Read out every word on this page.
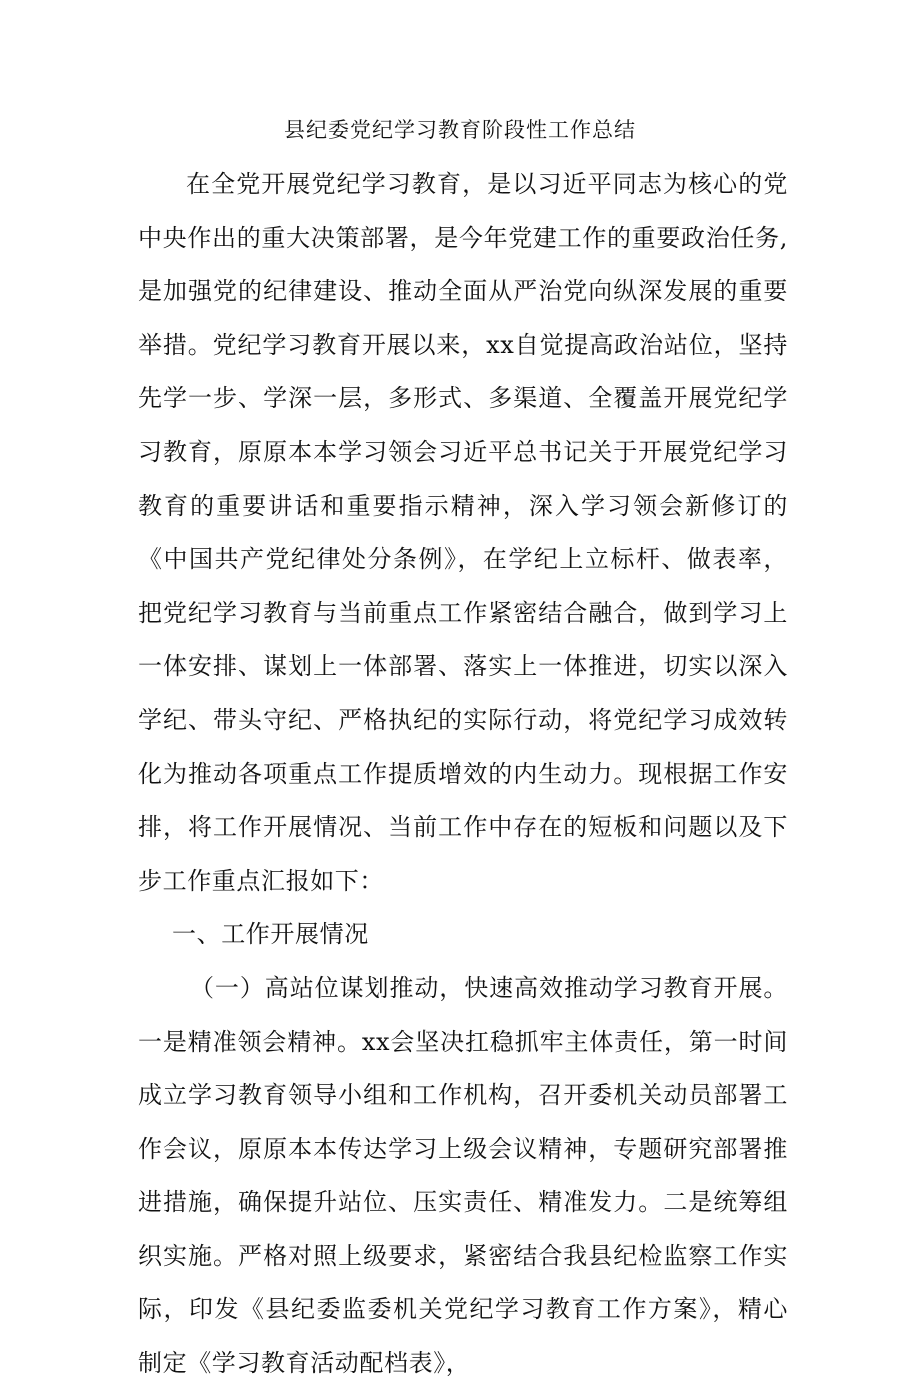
县纪委党纪学习教育阶段性工作总结

在全党开展党纪学习教育，是以习近平同志为核心的党中央作出的重大决策部署，是今年党建工作的重要政治任务,是加强党的纪律建设、推动全面从严治党向纵深发展的重要举措。党纪学习教育开展以来，xx自觉提高政治站位，坚持先学一步、学深一层，多形式、多渠道、全覆盖开展党纪学习教育，原原本本学习领会习近平总书记关于开展党纪学习教育的重要讲话和重要指示精神，深入学习领会新修订的《中国共产党纪律处分条例》，在学纪上立标杆、做表率，把党纪学习教育与当前重点工作紧密结合融合，做到学习上一体安排、谋划上一体部署、落实上一体推进，切实以深入学纪、带头守纪、严格执纪的实际行动，将党纪学习成效转化为推动各项重点工作提质增效的内生动力。现根据工作安排，将工作开展情况、当前工作中存在的短板和问题以及下步工作重点汇报如下：

一、工作开展情况

（一）高站位谋划推动，快速高效推动学习教育开展。一是精准领会精神。xx会坚决扛稳抓牢主体责任，第一时间成立学习教育领导小组和工作机构，召开委机关动员部署工作会议，原原本本传达学习上级会议精神，专题研究部署推进措施，确保提升站位、压实责任、精准发力。二是统筹组织实施。严格对照上级要求，紧密结合我县纪检监察工作实际，印发《县纪委监委机关党纪学习教育工作方案》，精心制定《学习教育活动配档表》，
